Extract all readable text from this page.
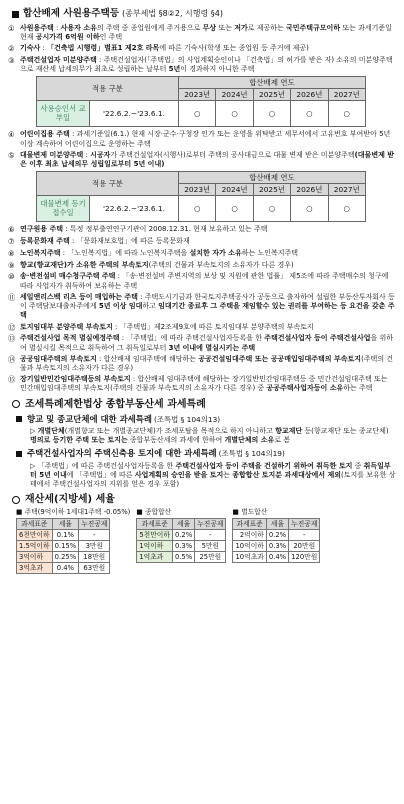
합산배제 사원용주택등 (종부세법 §8②2, 시행령 §4)
① 사원용주택 : 사용자 소유의 주택 중 종업원에게 주거용으로 무상 또는 저가로 제공하는 국민주택규모이하 또는 과세기준일 현재 공시가격 6억원 이하인 주택
② 기숙사 : 「건축법 시행령」별표1 제2호 라목에 따른 기숙사(학생 또는 종업원 등 주거에 제공)
③ 주택건설업자 미분양주택 : 주택건설업자(「주택법」의 사업계획승인이나 「건축법」의 허가를 받은 자) 소유의 미분양주택으로 재산세 납세의무가 최초로 성립하는 날부터 5년이 경과하지 아니한 주택
적용 구분		합산배제 연도				
		2023년	2024년	2025년	2026년	2027년
사용승인서 교부일	'22.6.2.~'23.6.1.	○	○	○	○	○
④ 어린이집용 주택 : 과세기준일(6.1.) 현재 시장·군수·구청장 인가 또는 운영을 위탁받고 세무서에서 고유번호 부여받아 5년 이상 계속하여 어린이집으로 운영하는 주택
⑤ 대물변제 미분양주택 : 시공자가 주택건설업자(시행사)로부터 주택의 공사대금으로 대물 변제 받은 미분양주택(대물변제 받은 이후 최초 납세의무 성립일로부터 5년 이내)
적용 구분		합산배제 연도				
		2023년	2024년	2025년	2026년	2027년
대물변제 등기접수일	'22.6.2.~'23.6.1.	○	○	○	○	○
⑥ 연구원용 주택 : 특정 정부출연연구기관이 2008.12.31. 현재 보유하고 있는 주택
⑦ 등록문화재 주택 : 「문화재보호법」에 따른 등록문화재
⑧ 노인복지주택 : 「노인복지법」에 따라 노인복지주택을 설치한 자가 소유하는 노인복지주택
⑨ 향교(향교재단)가 소유한 주택의 부속토지(주택의 건물과 부속토지의 소유자가 다른 경우)
⑩ 송·변전설비 매수청구주택 주택 : 「송·변전설비 주변지역의 보상 및 지원에 관한 법률」 제5조에 따라 주택매수의 청구에 따라 사업자가 취득하여 보유하는 주택
⑪ 세일앤리스백 리츠 등이 매입하는 주택 : 주택도시기금과 한국토지주택공사가 공동으로 출자하여 설립한 부동산투자회사 등이 주택담보대출차주에게 5년 이상 임대하고 임대기간 종료후 그 주택을 재임할수 있는 권리를 부여하는 등 요건을 갖춘 주택
⑫ 토지임대부 분양주택 부속토지 : 「주택법」제2조제9호에 따른 토지임대부 분양주택의 부속토지
⑬ 주택건설사업 목적 멸실예정주택 : 「주택법」에 따라 주택건설사업자등록을 한 주택건설사업자 등이 주택건설사업을 위하여 멸실시킬 목적으로 취득하여 그 취득일로부터 3년 이내에 멸실시키는 주택
⑭ 공공임대주택의 부속토지 : 합산배제 임대주택에 해당하는 공공건설임대주택 또는 공공매입임대주택의 부속토지(주택의 건물과 부속토지의 소유자가 다른 경우)
⑮ 장기일반민간임대주택등의 부속토지 : 합산배제 임대주택에 해당하는 장기일반민간임대주택등 중 민간건설임대주택 또는 민간매입임대주택의 부속토지(주택의 건물과 부속토지의 소유자가 다른 경우) 중 공공주택사업자등이 소유하는 주택
조세특례제한법상 종합부동산세 과세특례
향교 및 종교단체에 대한 과세특례 (조특법 § 104의13)
▷ 개별단체(개별향교 또는 개별종교단체)가 조세포탈을 목적으로 하지 아니하고 향교재단 등(향교재단 또는 종교단체) 명의로 등기한 주택 또는 토지는 종합부동산세의 과세에 한하여 개별단체의 소유로 봄
주택건설사업자의 주택신축용 토지에 대한 과세특례 (조특법 § 104의19)
▷ 「주택법」에 따른 주택건설사업자등록을 한 주택건설사업자 등이 주택을 건설하기 위하여 취득한 토지 중 취득일부터 5년 이내에 「주택법」에 따른 사업계획의 승인을 받을 토지는 종합합산 토지분 과세대상에서 제외(토지를 보유한 상태에서 주택건설사업자의 지위를 얻은 경우 포함)
재산세(지방세) 세율
■ 주택(9억이하 1세대1주택 -0.05%)
과세표준	세율	누진공제
6천만이하	0.1%	-
1.5억이하	0.15%	3만원
3억이하	0.25%	18만원
3억초과	0.4%	63만원
■ 종합합산
과세표준	세율	누진공제
5천만이하	0.2%	-
1억이하	0.3%	5만원
1억초과	0.5%	25만원
■ 별도합산
과세표준	세율	누진공제
2억이하	0.2%	-
10억이하	0.3%	20만원
10억초과	0.4%	120만원
